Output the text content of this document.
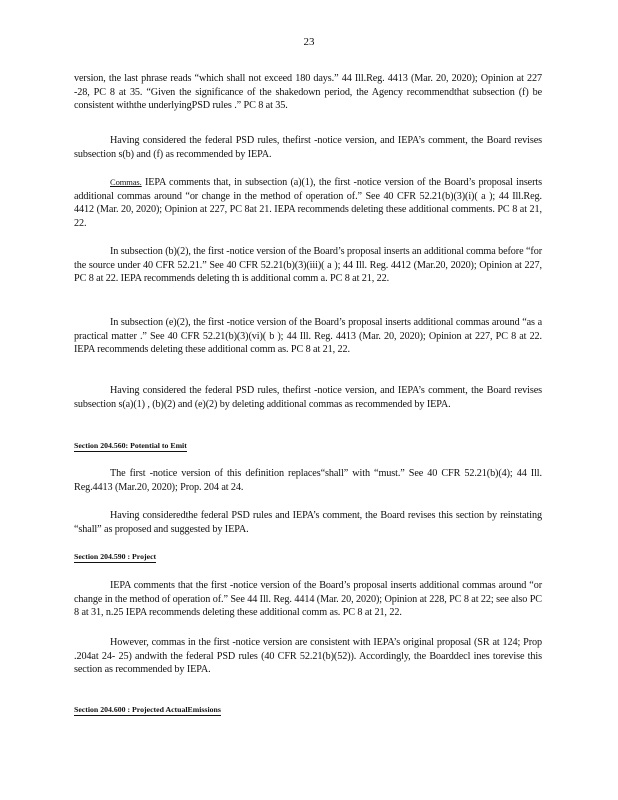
23
version, the last phrase reads “which shall not exceed 180 days.” 44 Ill.Reg. 4413 (Mar. 20, 2020); Opinion at 227 -28, PC 8 at 35. “Given the significance of the shakedown period, the Agency recommendthat subsection (f) be consistent withthe underlyingPSD rules .” PC 8 at 35.
Having considered the federal PSD rules, thefirst -notice version, and IEPA’s comment, the Board revises subsection s(b) and (f) as recommended by IEPA.
Commas. IEPA comments that, in subsection (a)(1), the first -notice version of the Board’s proposal inserts additional commas around “or change in the method of operation of.” See 40 CFR 52.21(b)(3)(i)( a ); 44 Ill.Reg. 4412 (Mar. 20, 2020); Opinion at 227, PC 8at 21. IEPA recommends deleting these additional comments. PC 8 at 21, 22.
In subsection (b)(2), the first -notice version of the Board’s proposal inserts an additional comma before “for the source under 40 CFR 52.21.” See 40 CFR 52.21(b)(3)(iii)( a ); 44 Ill. Reg. 4412 (Mar.20, 2020); Opinion at 227, PC 8 at 22. IEPA recommends deleting th is additional comm a. PC 8 at 21, 22.
In subsection (e)(2), the first -notice version of the Board’s proposal inserts additional commas around “as a practical matter .” See 40 CFR 52.21(b)(3)(vi)( b ); 44 Ill. Reg. 4413 (Mar. 20, 2020); Opinion at 227, PC 8 at 22. IEPA recommends deleting these additional comm as. PC 8 at 21, 22.
Having considered the federal PSD rules, thefirst -notice version, and IEPA’s comment, the Board revises subsection s(a)(1) , (b)(2) and (e)(2) by deleting additional commas as recommended by IEPA.
Section 204.560: Potential to Emit
The first -notice version of this definition replaces“shall” with “must.” See 40 CFR 52.21(b)(4); 44 Ill. Reg.4413 (Mar.20, 2020); Prop. 204 at 24.
Having consideredthe federal PSD rules and IEPA’s comment, the Board revises this section by reinstating “shall” as proposed and suggested by IEPA.
Section 204.590 : Project
IEPA comments that the first -notice version of the Board’s proposal inserts additional commas around “or change in the method of operation of.” See 44 Ill. Reg. 4414 (Mar. 20, 2020); Opinion at 228, PC 8 at 22; see also PC 8 at 31, n.25 IEPA recommends deleting these additional comm as. PC 8 at 21, 22.
However, commas in the first -notice version are consistent with IEPA’s original proposal (SR at 124; Prop .204at 24- 25) andwith the federal PSD rules (40 CFR 52.21(b)(52)). Accordingly, the Boarddecl ines torevise this section as recommended by IEPA.
Section 204.600 : Projected ActualEmissions
